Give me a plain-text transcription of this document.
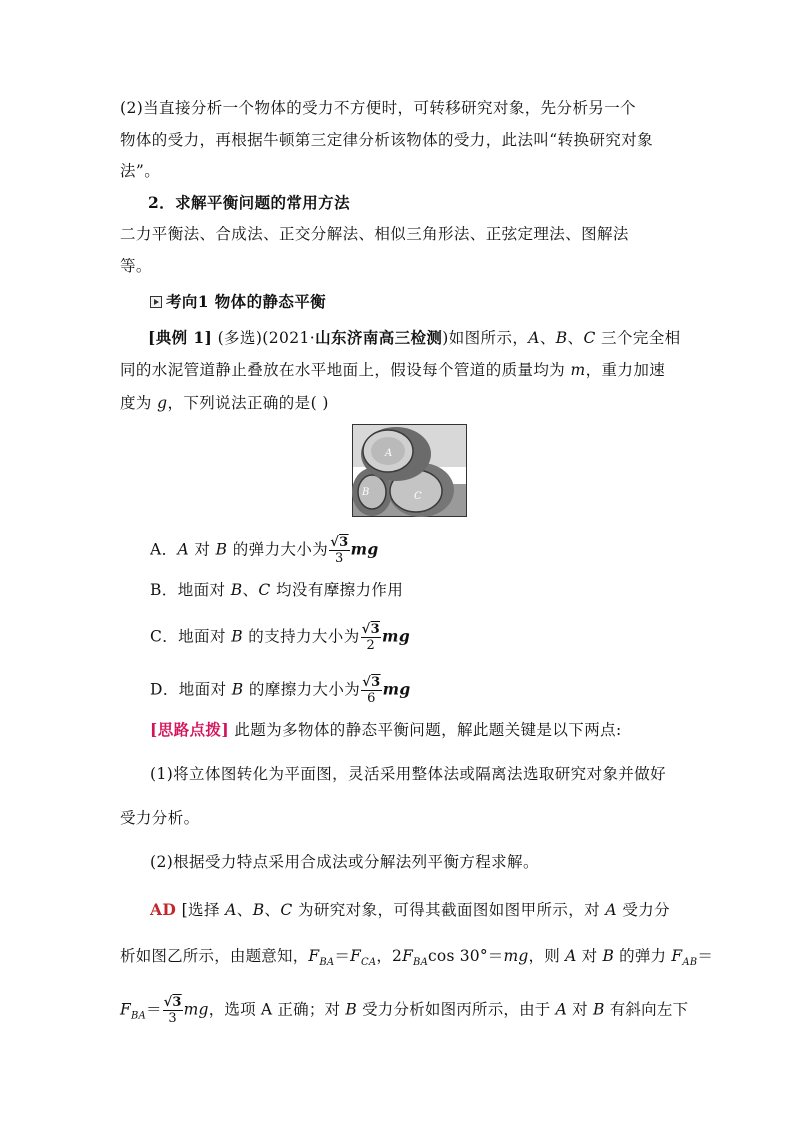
(2)当直接分析一个物体的受力不方便时，可转移研究对象，先分析另一个
物体的受力，再根据牛顿第三定律分析该物体的受力，此法叫“转换研究对象
法”。
2．求解平衡问题的常用方法
二力平衡法、合成法、正交分解法、相似三角形法、正弦定理法、图解法
等。
考向1 物体的静态平衡
[典例 1] (多选)(2021·山东济南高三检测)如图所示，A、B、C 三个完全相
同的水泥管道静止叠放在水平地面上，假设每个管道的质量均为 m，重力加速
度为 g，下列说法正确的是( )
A
B	C
A．A 对 B 的弹力大小为 $\frac{√3}{3}$ mg
B．地面对 B、C 均没有摩擦力作用
C．地面对 B 的支持力大小为 $\frac{√3}{2}$ mg
D．地面对 B 的摩擦力大小为 $\frac{√3}{6}$ mg
[思路点拨] 此题为多物体的静态平衡问题，解此题关键是以下两点:
(1)将立体图转化为平面图，灵活采用整体法或隔离法选取研究对象并做好
受力分析。
(2)根据受力特点采用合成法或分解法列平衡方程求解。
AD [选择 A、B、C 为研究对象，可得其截面图如图甲所示，对 A 受力分
析如图乙所示，由题意知，$F_{BA}=F_{CA}$，$2F_{BA}\cos$ 30°＝mg，则 A 对 B 的弹力 $F_{AB}=$
$F_{BA}= \frac{√3}{3}$ mg，选项 A 正确；对 B 受力分析如图丙所示，由于 A 对 B 有斜向左下
